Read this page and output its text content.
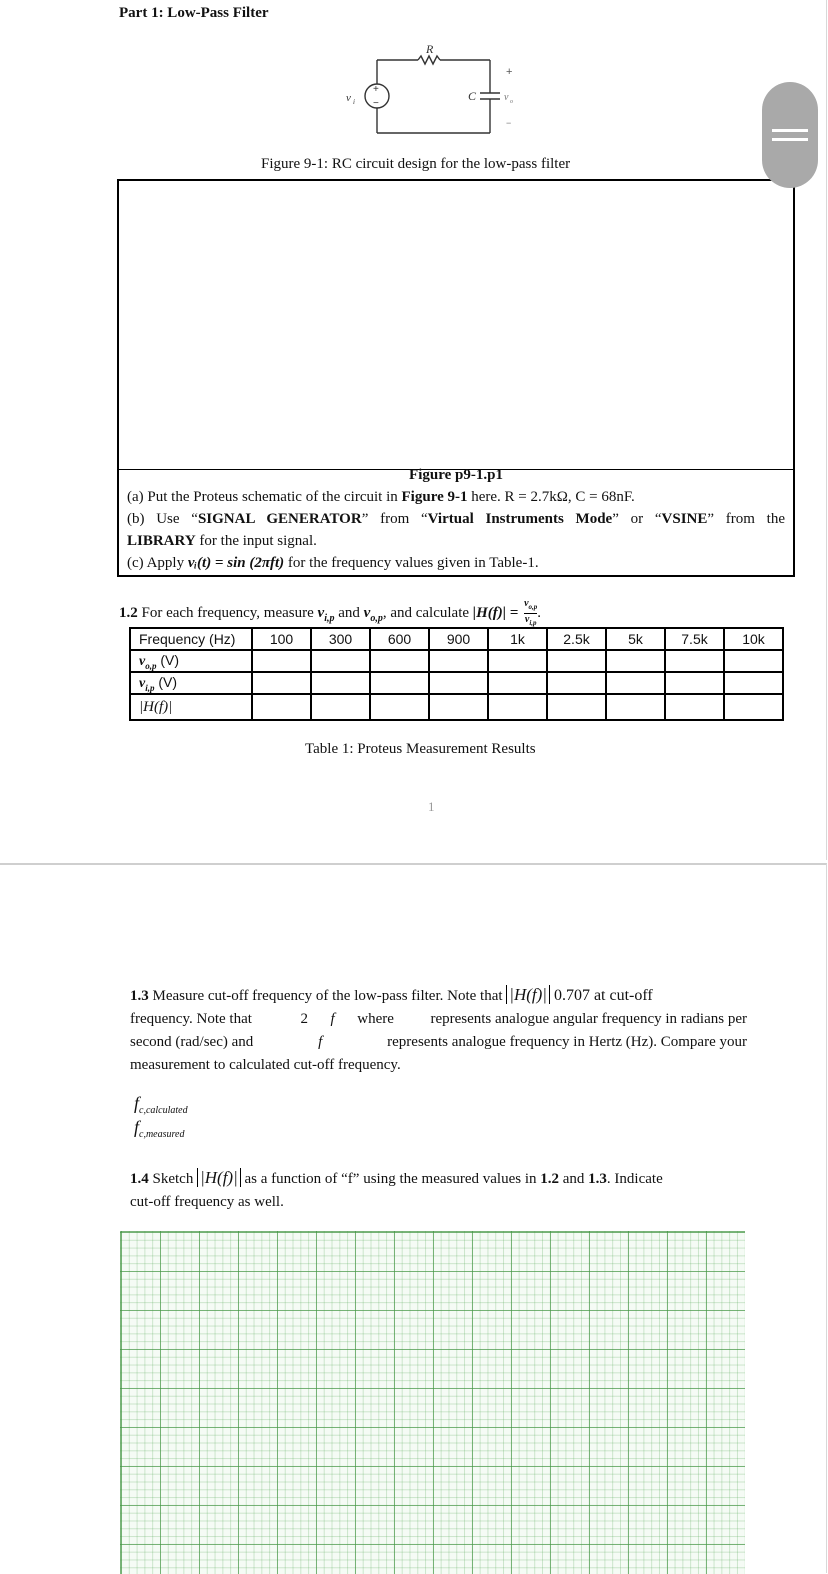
Part 1: Low-Pass Filter
+
−
R
C
v i
+
v o
−
Figure 9-1: RC circuit design for the low-pass filter
Figure p9-1.p1
(a) Put the Proteus schematic of the circuit in Figure 9-1 here. R = 2.7kΩ, C = 68nF.
(b) Use “SIGNAL GENERATOR” from “Virtual Instruments Mode” or “VSINE” from the
LIBRARY for the input signal.
(c) Apply vᵢ(t) = sin (2πft) for the frequency values given in Table-1.
1.2 For each frequency, measure $v_{i,p}$ and $v_{o,p}$, and calculate $|H(f)| = \frac{v_{o,p}}{v_{i,p}}$ .
Frequency (Hz)	100	300	600	900	1k	2.5k	5k	7.5k	10k
$v_{o,p}$ (V)									
$v_{i,p}$ (V)									
|H(f)|									
Table 1: Proteus Measurement Results
1
1.3 Measure cut-off frequency of the low-pass filter. Note that |H(f)| 0.707 at cut-off
frequency. Note that	2 f where represents analogue angular frequency in radians per
second (rad/sec) and	f	represents analogue frequency in Hertz (Hz). Compare your
measurement to calculated cut-off frequency.
$f_{c,calculated}$
$f_{c,measured}$
1.4 Sketch |H(f)| as a function of “f” using the measured values in 1.2 and 1.3. Indicate
cut-off frequency as well.
